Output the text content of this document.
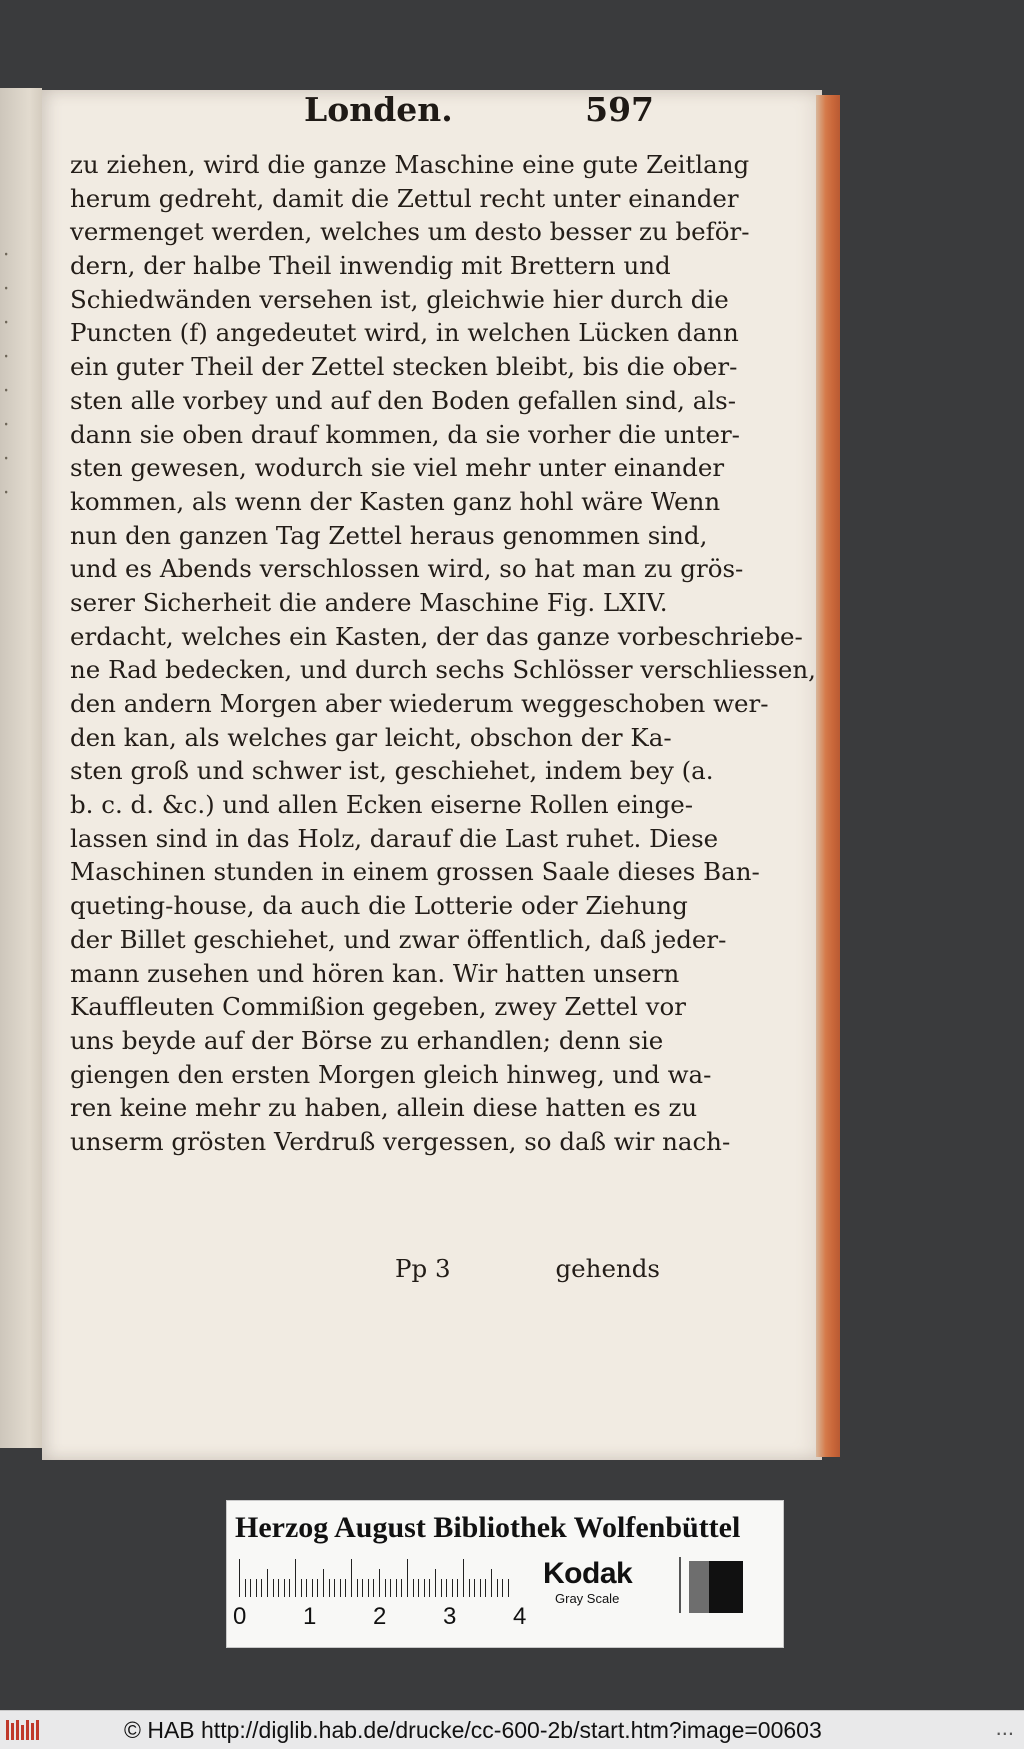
ꞏ
ꞏ
ꞏ
ꞏ
ꞏ
ꞏ
ꞏ
ꞏ
Londen.	597
zu ziehen, wird die ganze Maschine eine gute Zeitlang
herum gedreht, damit die Zettul recht unter einander
vermenget werden, welches um desto besser zu beför-
dern, der halbe Theil inwendig mit Brettern und
Schiedwänden versehen ist, gleichwie hier durch die
Puncten (f) angedeutet wird, in welchen Lücken dann
ein guter Theil der Zettel stecken bleibt, bis die ober-
sten alle vorbey und auf den Boden gefallen sind, als-
dann sie oben drauf kommen, da sie vorher die unter-
sten gewesen, wodurch sie viel mehr unter einander
kommen, als wenn der Kasten ganz hohl wäre Wenn
nun den ganzen Tag Zettel heraus genommen sind,
und es Abends verschlossen wird, so hat man zu grös-
serer Sicherheit die andere Maschine Fig. LXIV.
erdacht, welches ein Kasten, der das ganze vorbeschriebe-
ne Rad bedecken, und durch sechs Schlösser verschliessen,
den andern Morgen aber wiederum weggeschoben wer-
den kan, als welches gar leicht, obschon der Ka-
sten groß und schwer ist, geschiehet, indem bey (a.
b. c. d. &c.) und allen Ecken eiserne Rollen einge-
lassen sind in das Holz, darauf die Last ruhet. Diese
Maschinen stunden in einem grossen Saale dieses Ban-
queting-house, da auch die Lotterie oder Ziehung
der Billet geschiehet, und zwar öffentlich, daß jeder-
mann zusehen und hören kan. Wir hatten unsern
Kauffleuten Commißion gegeben, zwey Zettel vor
uns beyde auf der Börse zu erhandlen; denn sie
giengen den ersten Morgen gleich hinweg, und wa-
ren keine mehr zu haben, allein diese hatten es zu
unserm grösten Verdruß vergessen, so daß wir nach-
Pp 3	gehends
Herzog August Bibliothek Wolfenbüttel
0 1 2 3 4
Kodak
Gray Scale
© HAB http://diglib.hab.de/drucke/cc-600-2b/start.htm?image=00603	...
